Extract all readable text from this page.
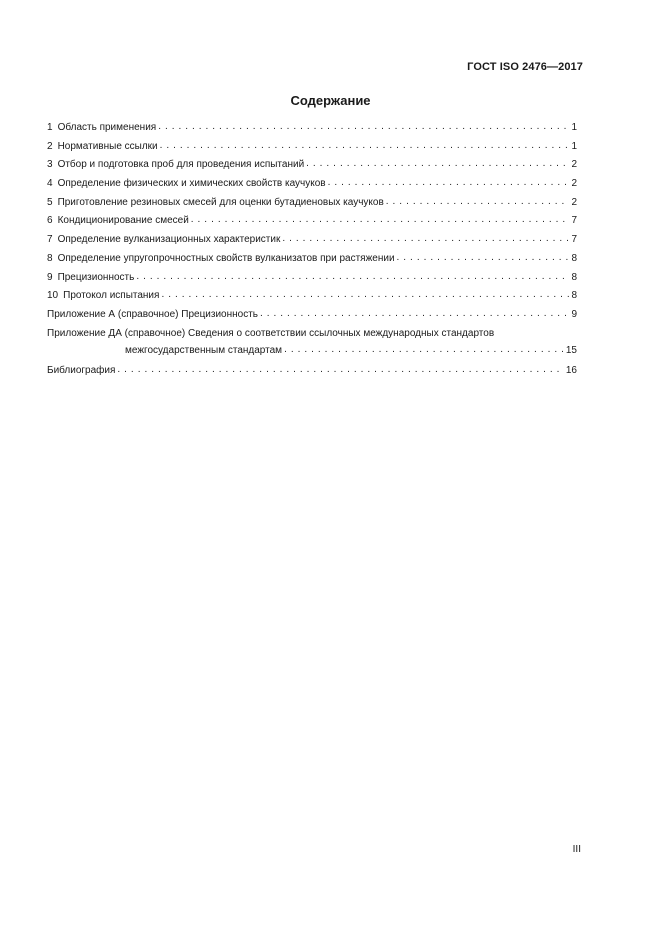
ГОСТ ISO 2476—2017
Содержание
1 Область применения . . .	1
2 Нормативные ссылки . . .	1
3 Отбор и подготовка проб для проведения испытаний . . .	2
4 Определение физических и химических свойств каучуков . . .	2
5 Приготовление резиновых смесей для оценки бутадиеновых каучуков . . .	2
6 Кондиционирование смесей . . .	7
7 Определение вулканизационных характеристик . . .	7
8 Определение упругопрочностных свойств вулканизатов при растяжении . . .	8
9 Прецизионность . . .	8
10 Протокол испытания . . .	8
Приложение А (справочное) Прецизионность . . .	9
Приложение ДА (справочное) Сведения о соответствии ссылочных международных стандартов
межгосударственным стандартам . . .	15
Библиография . . .	16
III
